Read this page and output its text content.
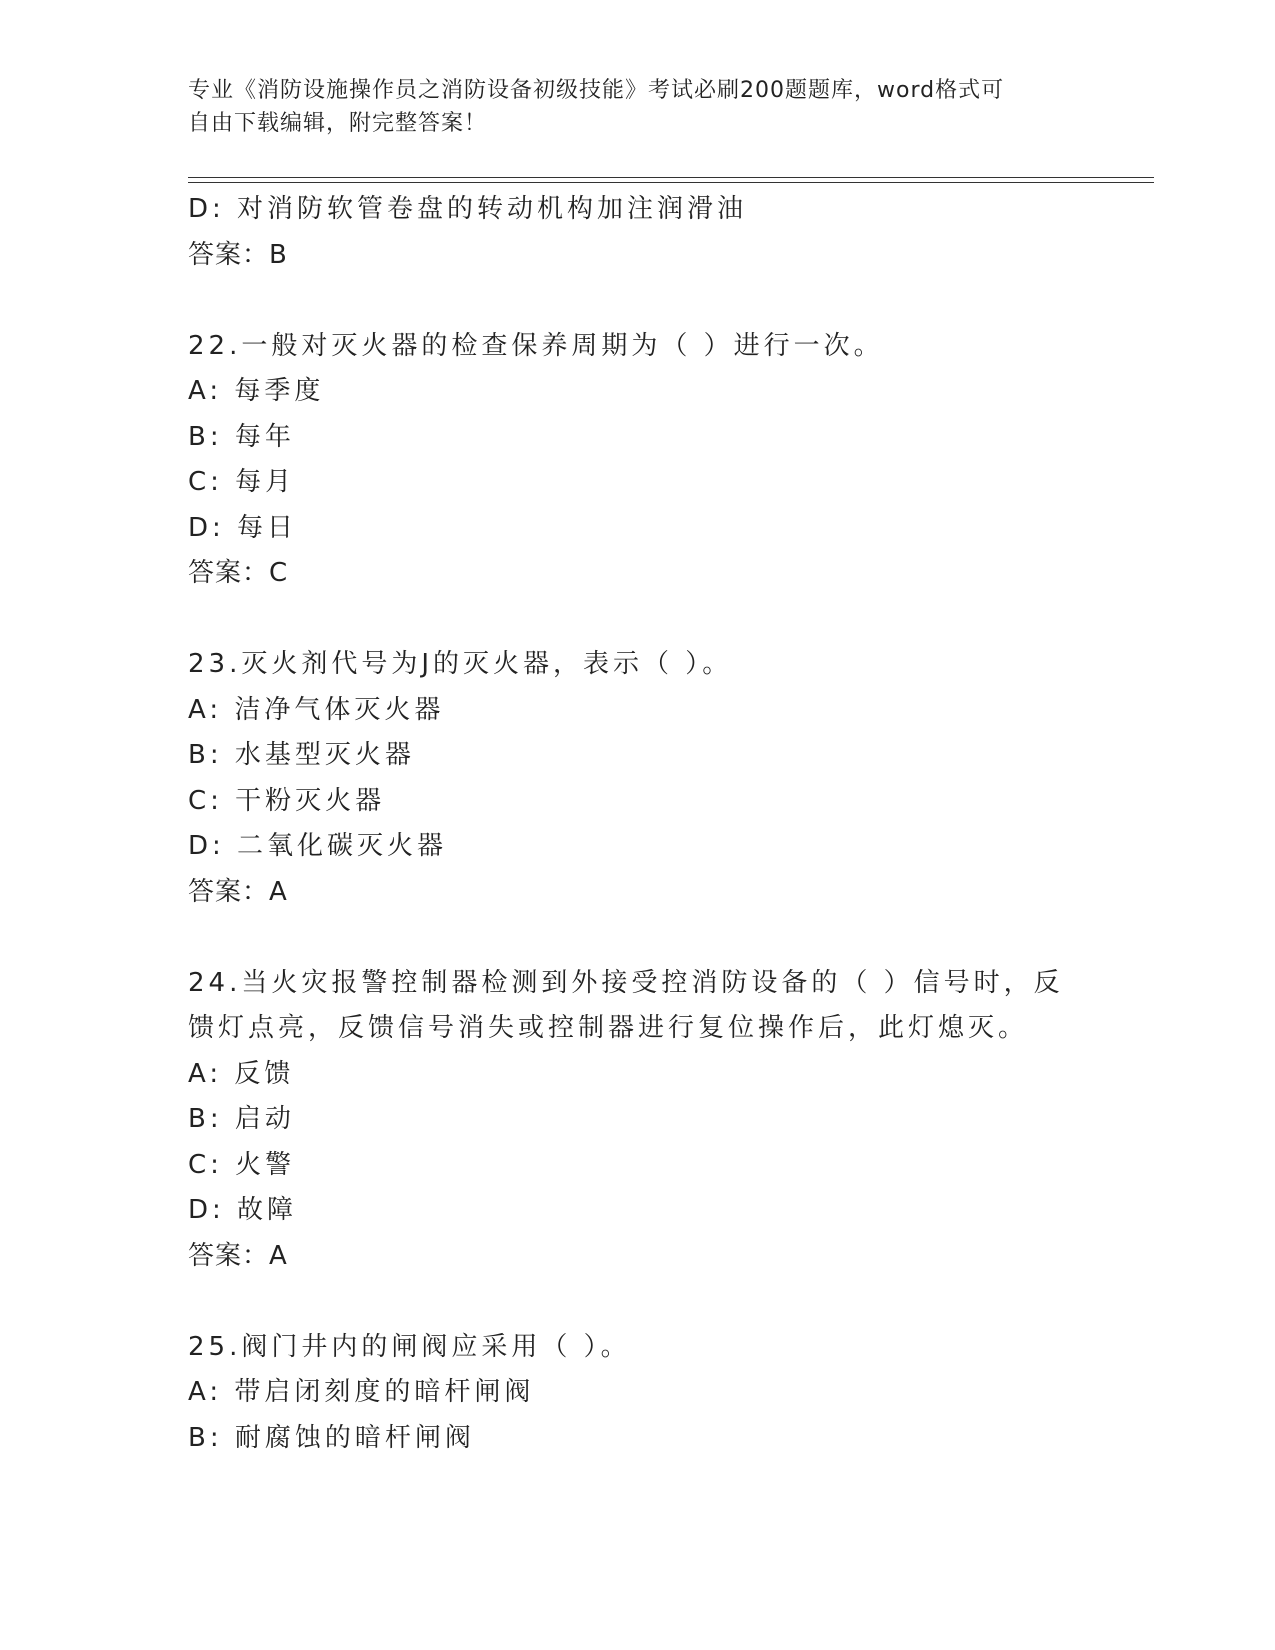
专业《消防设施操作员之消防设备初级技能》考试必刷200题题库，word格式可
自由下载编辑，附完整答案！
D: 对消防软管卷盘的转动机构加注润滑油
答案：B
22.一般对灭火器的检查保养周期为（ ）进行一次。
A: 每季度
B: 每年
C: 每月
D: 每日
答案：C
23.灭火剂代号为J的灭火器，表示（ ）。
A: 洁净气体灭火器
B: 水基型灭火器
C: 干粉灭火器
D: 二氧化碳灭火器
答案：A
24.当火灾报警控制器检测到外接受控消防设备的（ ）信号时，反馈灯点亮，反馈信号消失或控制器进行复位操作后，此灯熄灭。
A: 反馈
B: 启动
C: 火警
D: 故障
答案：A
25.阀门井内的闸阀应采用（ ）。
A: 带启闭刻度的暗杆闸阀
B: 耐腐蚀的暗杆闸阀
